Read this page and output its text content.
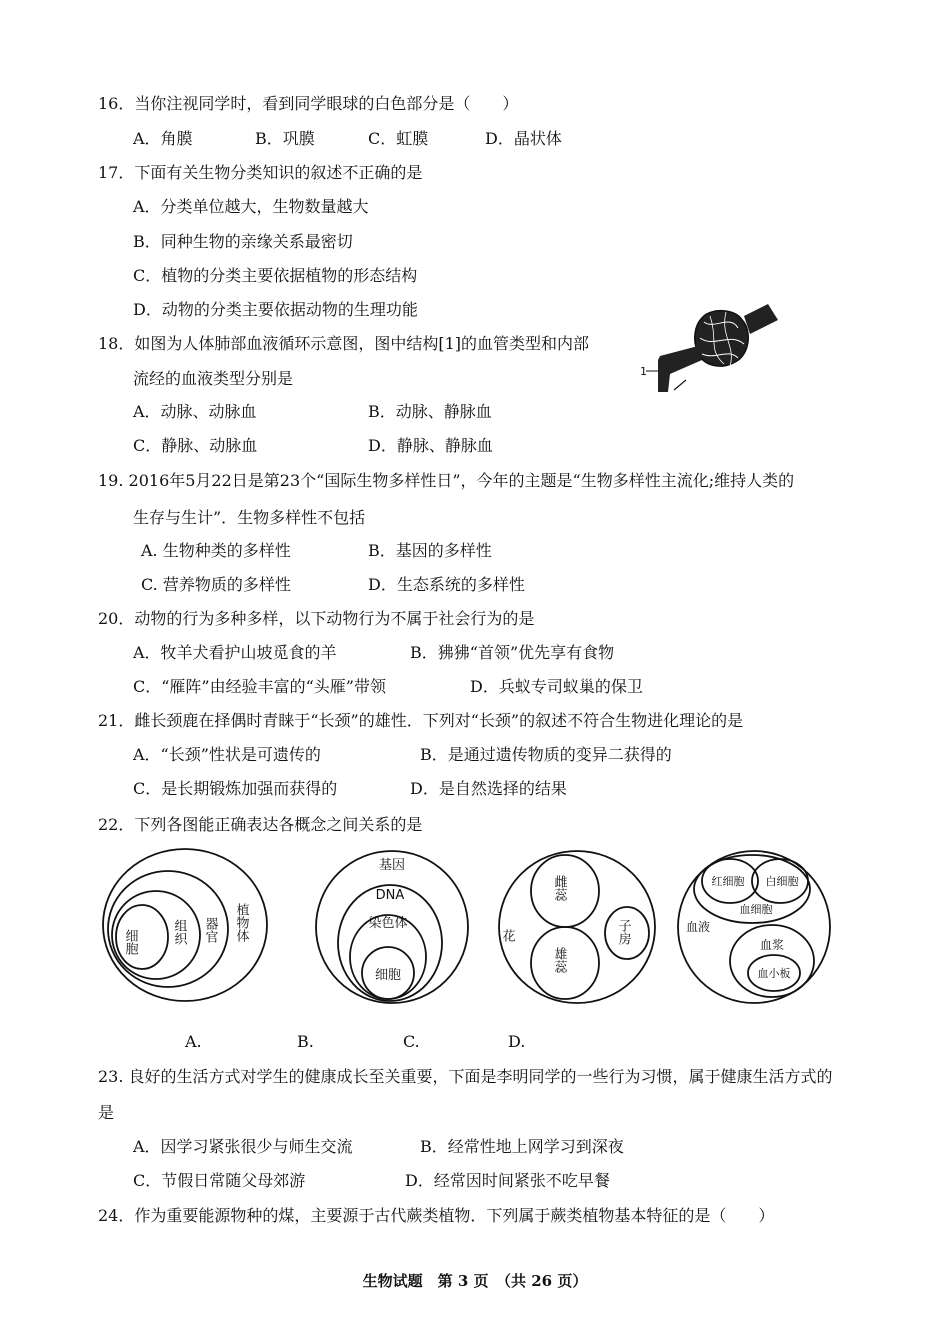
16．当你注视同学时，看到同学眼球的白色部分是（　　）
A．角膜	B．巩膜	C．虹膜	D．晶状体
17．下面有关生物分类知识的叙述不正确的是
A．分类单位越大，生物数量越大
B．同种生物的亲缘关系最密切
C．植物的分类主要依据植物的形态结构
D．动物的分类主要依据动物的生理功能
18．如图为人体肺部血液循环示意图，图中结构[1]的血管类型和内部
流经的血液类型分别是
A．动脉、动脉血	B．动脉、静脉血
C．静脉、动脉血	D．静脉、静脉血
1
19. 2016年5月22日是第23个“国际生物多样性日”，今年的主题是“生物多样性主流化;维持人类的
生存与生计”．生物多样性不包括
A. 生物种类的多样性	B．基因的多样性
C. 营养物质的多样性	D．生态系统的多样性
20．动物的行为多种多样，以下动物行为不属于社会行为的是
A．牧羊犬看护山坡觅食的羊	B．狒狒“首领”优先享有食物
C．“雁阵”由经验丰富的“头雁”带领	D．兵蚁专司蚁巢的保卫
21．雌长颈鹿在择偶时青睐于“长颈”的雄性．下列对“长颈”的叙述不符合生物进化理论的是
A．“长颈”性状是可遗传的	B．是通过遗传物质的变异二获得的
C．是长期锻炼加强而获得的	D．是自然选择的结果
22．下列各图能正确表达各概念之间关系的是
细胞	组织 器官 植物体
基因
DNA
染色体
细胞
花
雌蕊
雄蕊
子房
红细胞 白细胞
血细胞
血液
血浆
血小板
A.	B.	C.	D.
23. 良好的生活方式对学生的健康成长至关重要，下面是李明同学的一些行为习惯，属于健康生活方式的
是
A．因学习紧张很少与师生交流	B．经常性地上网学习到深夜
C．节假日常随父母郊游	D．经常因时间紧张不吃早餐
24．作为重要能源物种的煤，主要源于古代蕨类植物．下列属于蕨类植物基本特征的是（　　）
生物试题　第 3 页　（共 26 页）
